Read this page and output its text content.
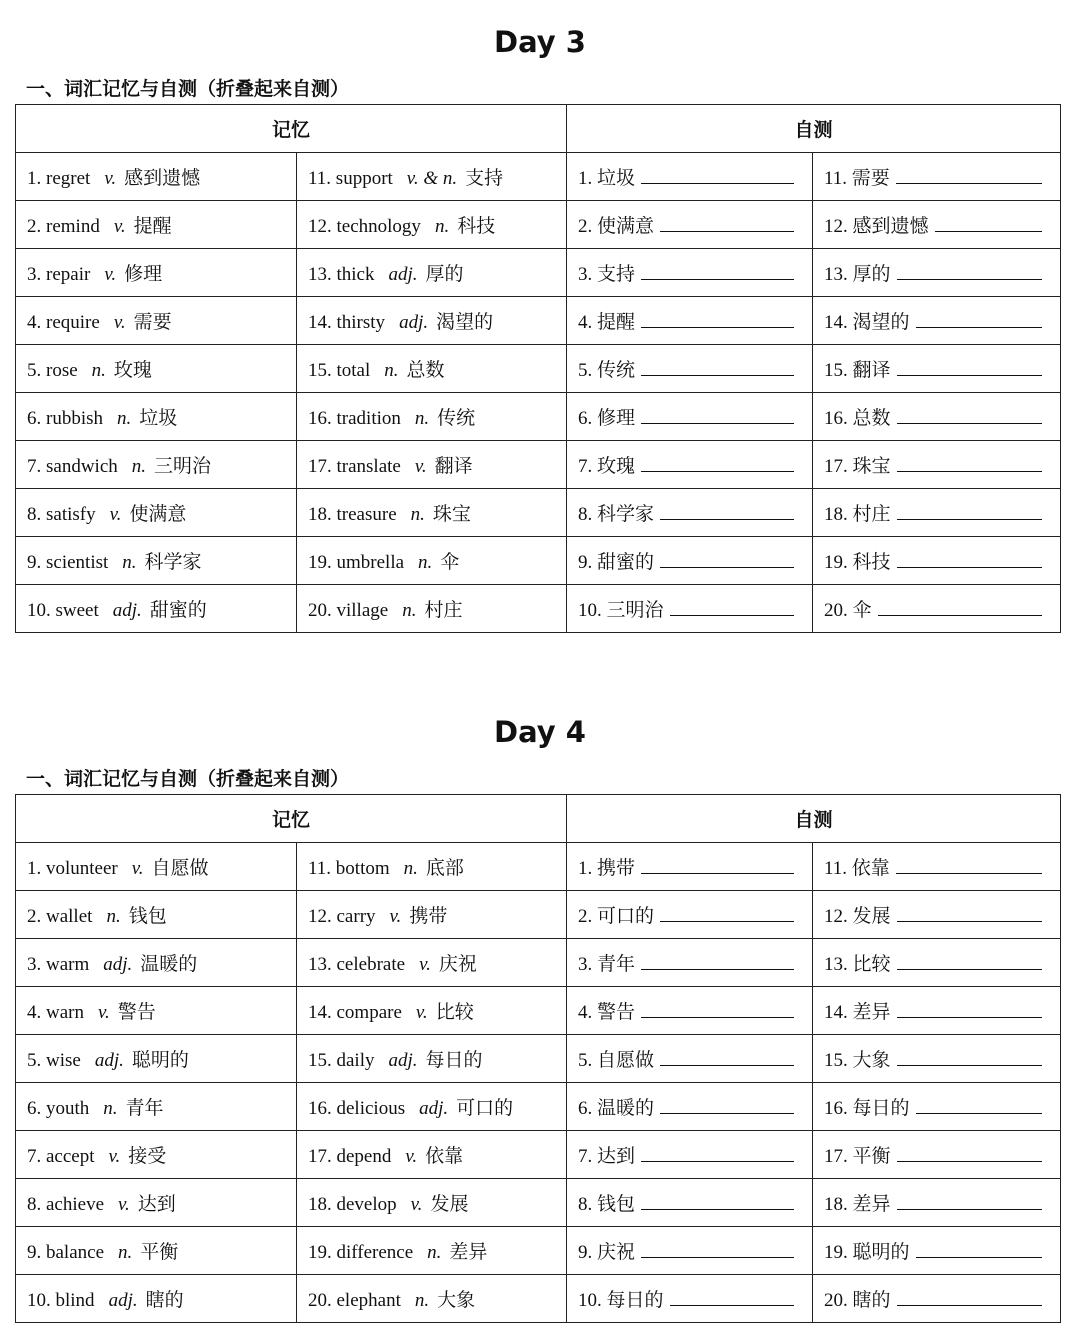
Day 3
一、词汇记忆与自测（折叠起来自测）
记忆		自测	
1. regret v. 感到遗憾	11. support v. & n. 支持	1. 垃圾	11. 需要
2. remind v. 提醒	12. technology n. 科技	2. 使满意	12. 感到遗憾
3. repair v. 修理	13. thick adj. 厚的	3. 支持	13. 厚的
4. require v. 需要	14. thirsty adj. 渴望的	4. 提醒	14. 渴望的
5. rose n. 玫瑰	15. total n. 总数	5. 传统	15. 翻译
6. rubbish n. 垃圾	16. tradition n. 传统	6. 修理	16. 总数
7. sandwich n. 三明治	17. translate v. 翻译	7. 玫瑰	17. 珠宝
8. satisfy v. 使满意	18. treasure n. 珠宝	8. 科学家	18. 村庄
9. scientist n. 科学家	19. umbrella n. 伞	9. 甜蜜的	19. 科技
10. sweet adj. 甜蜜的	20. village n. 村庄	10. 三明治	20. 伞
Day 4
一、词汇记忆与自测（折叠起来自测）
记忆		自测	
1. volunteer v. 自愿做	11. bottom n. 底部	1. 携带	11. 依靠
2. wallet n. 钱包	12. carry v. 携带	2. 可口的	12. 发展
3. warm adj. 温暖的	13. celebrate v. 庆祝	3. 青年	13. 比较
4. warn v. 警告	14. compare v. 比较	4. 警告	14. 差异
5. wise adj. 聪明的	15. daily adj. 每日的	5. 自愿做	15. 大象
6. youth n. 青年	16. delicious adj. 可口的	6. 温暖的	16. 每日的
7. accept v. 接受	17. depend v. 依靠	7. 达到	17. 平衡
8. achieve v. 达到	18. develop v. 发展	8. 钱包	18. 差异
9. balance n. 平衡	19. difference n. 差异	9. 庆祝	19. 聪明的
10. blind adj. 瞎的	20. elephant n. 大象	10. 每日的	20. 瞎的
